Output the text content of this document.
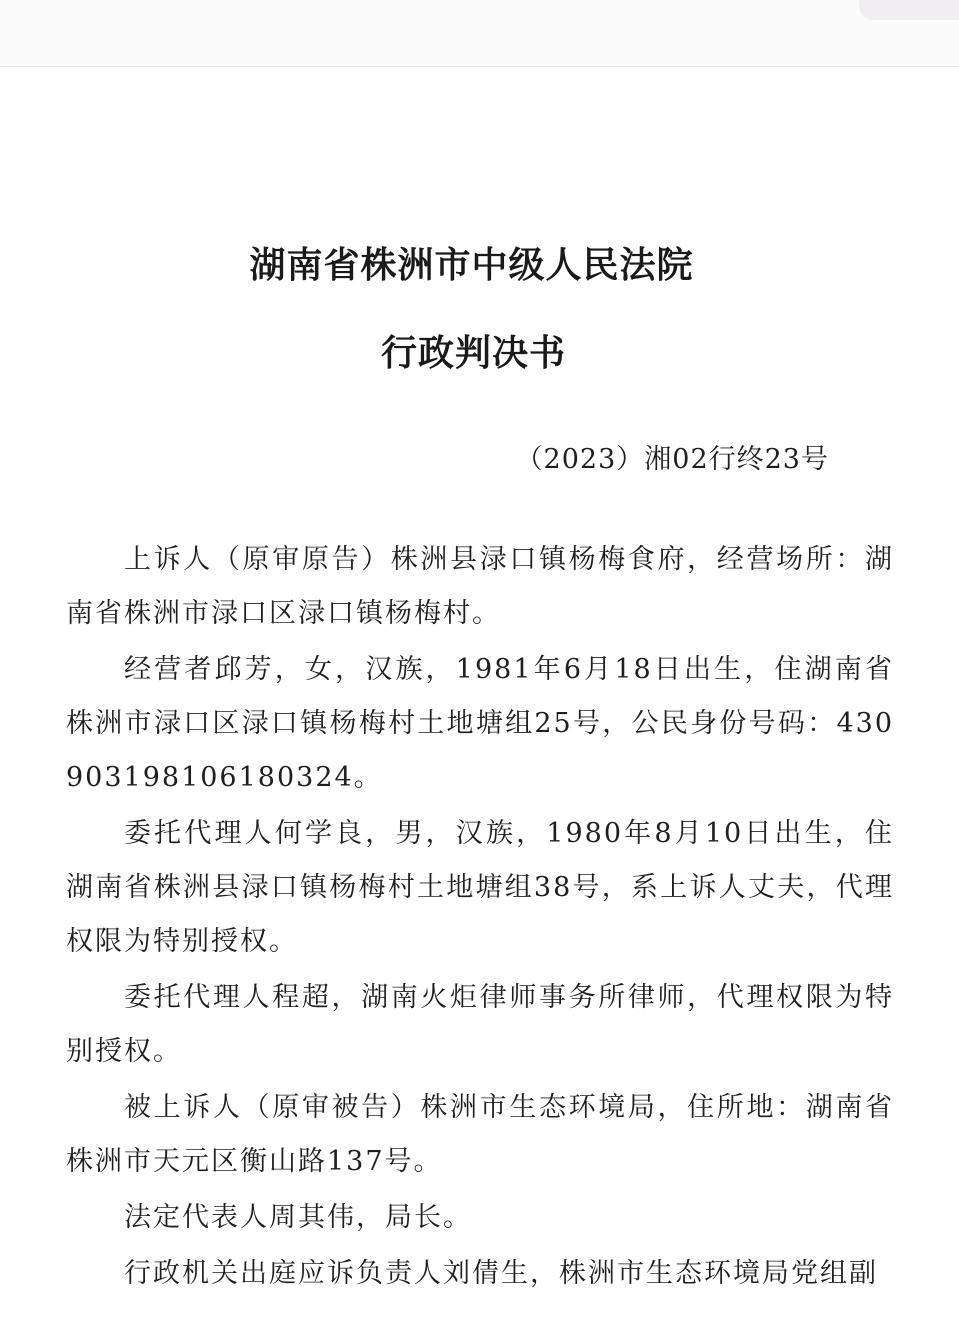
湖南省株洲市中级人民法院
行政判决书

（2023）湘02行终23号

上诉人（原审原告）株洲县渌口镇杨梅食府，经营场所：湖南省株洲市渌口区渌口镇杨梅村。

经营者邱芳，女，汉族，1981年6月18日出生，住湖南省株洲市渌口区渌口镇杨梅村土地塘组25号，公民身份号码：430903198106180324。

委托代理人何学良，男，汉族，1980年8月10日出生，住湖南省株洲县渌口镇杨梅村土地塘组38号，系上诉人丈夫，代理权限为特别授权。

委托代理人程超，湖南火炬律师事务所律师，代理权限为特别授权。

被上诉人（原审被告）株洲市生态环境局，住所地：湖南省株洲市天元区衡山路137号。

法定代表人周其伟，局长。

行政机关出庭应诉负责人刘倩生，株洲市生态环境局党组副
